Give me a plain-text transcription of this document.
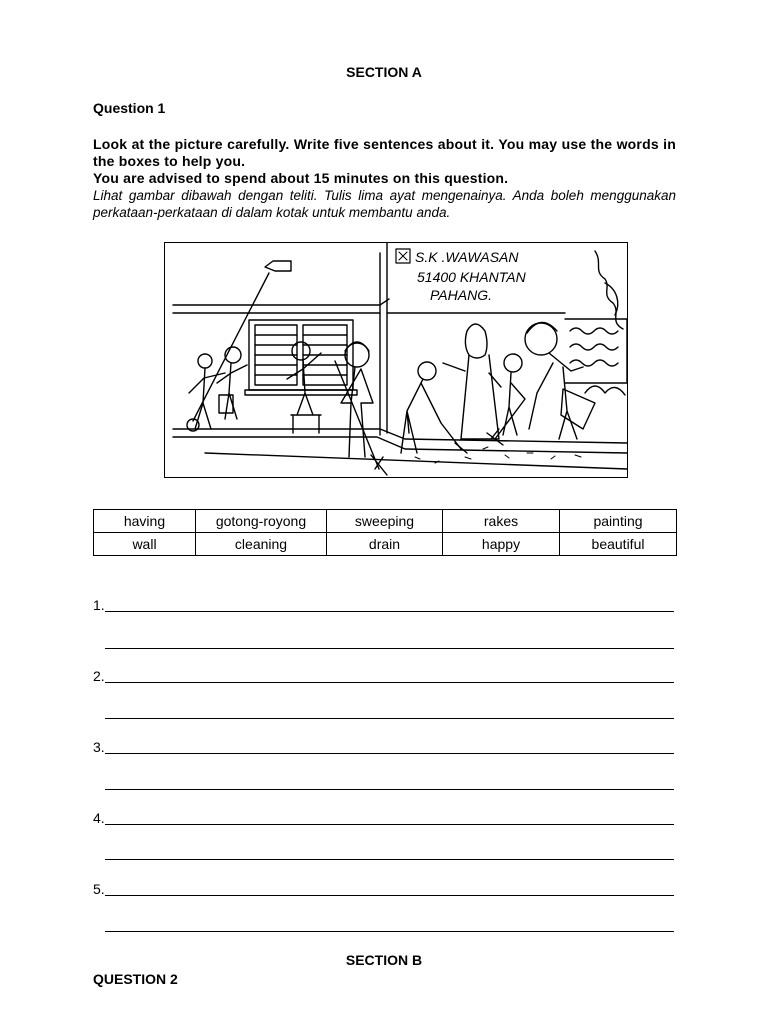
SECTION A
Question 1

Look at the picture carefully. Write five sentences about it. You may use the words in the boxes to help you.

You are advised to spend about 15 minutes on this question.

Lihat gambar dibawah dengan teliti. Tulis lima ayat mengenainya. Anda boleh menggunakan perkataan-perkataan di dalam kotak untuk membantu anda.

S.K .WAWASAN
51400 KHANTAN
PAHANG.
having	gotong-royong	sweeping	rakes	painting
wall	cleaning	drain	happy	beautiful
1.
2.
3.
4.
5.
SECTION B
QUESTION 2
